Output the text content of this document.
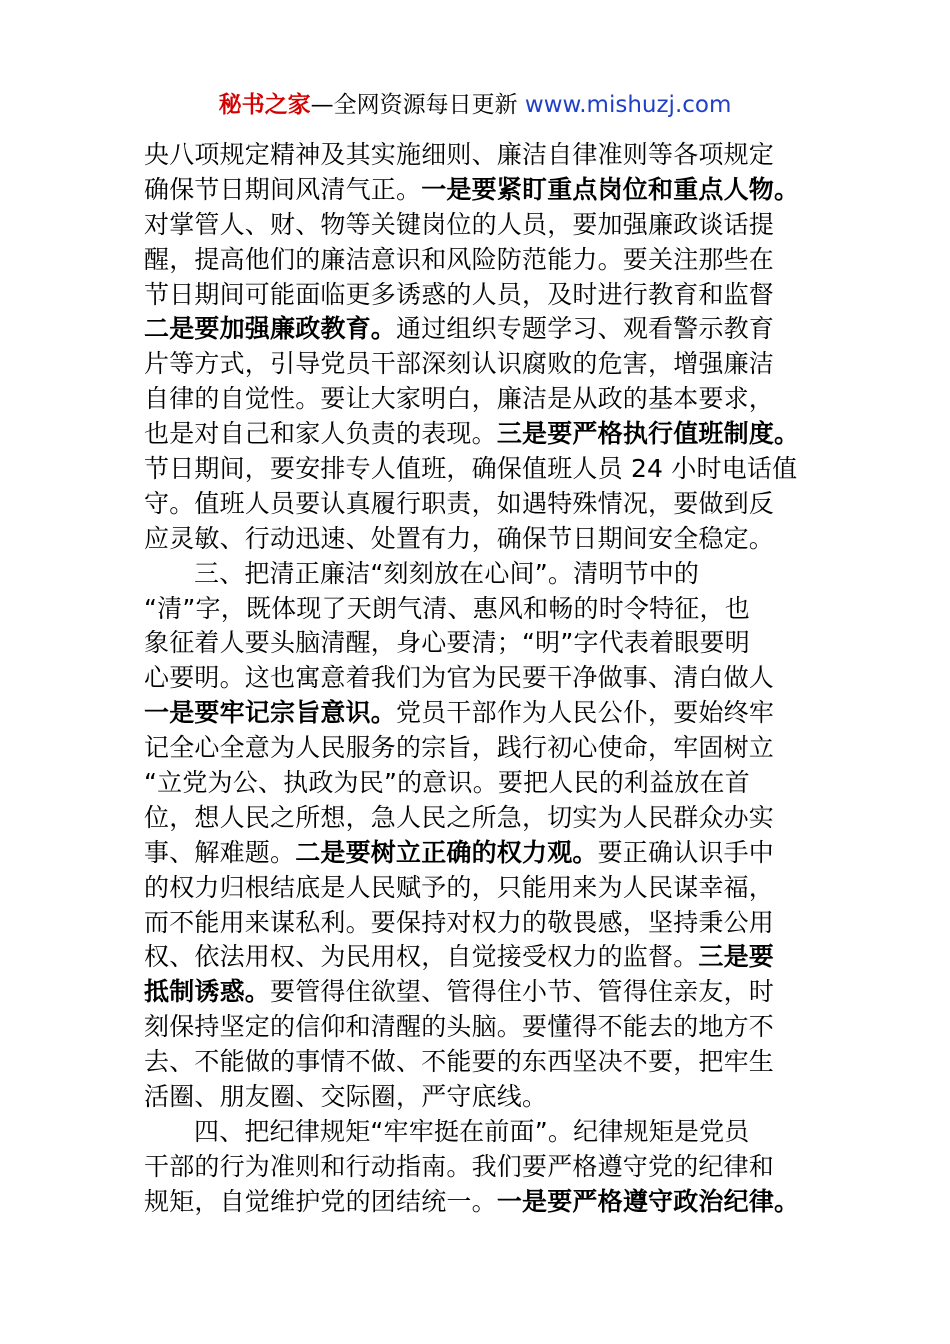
秘书之家—全网资源每日更新 www.mishuzj.com
央八项规定精神及其实施细则、廉洁自律准则等各项规定
确保节日期间风清气正。一是要紧盯重点岗位和重点人物。
对掌管人、财、物等关键岗位的人员，要加强廉政谈话提
醒，提高他们的廉洁意识和风险防范能力。要关注那些在
节日期间可能面临更多诱惑的人员，及时进行教育和监督
二是要加强廉政教育。通过组织专题学习、观看警示教育
片等方式，引导党员干部深刻认识腐败的危害，增强廉洁
自律的自觉性。要让大家明白，廉洁是从政的基本要求，
也是对自己和家人负责的表现。三是要严格执行值班制度。
节日期间，要安排专人值班，确保值班人员 24 小时电话值
守。值班人员要认真履行职责，如遇特殊情况，要做到反
应灵敏、行动迅速、处置有力，确保节日期间安全稳定。
三、把清正廉洁“刻刻放在心间”。清明节中的
“清”字，既体现了天朗气清、惠风和畅的时令特征，也
象征着人要头脑清醒，身心要清；“明”字代表着眼要明
心要明。这也寓意着我们为官为民要干净做事、清白做人
一是要牢记宗旨意识。党员干部作为人民公仆，要始终牢
记全心全意为人民服务的宗旨，践行初心使命，牢固树立
“立党为公、执政为民”的意识。要把人民的利益放在首
位，想人民之所想，急人民之所急，切实为人民群众办实
事、解难题。二是要树立正确的权力观。要正确认识手中
的权力归根结底是人民赋予的，只能用来为人民谋幸福，
而不能用来谋私利。要保持对权力的敬畏感，坚持秉公用
权、依法用权、为民用权，自觉接受权力的监督。三是要
抵制诱惑。要管得住欲望、管得住小节、管得住亲友，时
刻保持坚定的信仰和清醒的头脑。要懂得不能去的地方不
去、不能做的事情不做、不能要的东西坚决不要，把牢生
活圈、朋友圈、交际圈，严守底线。
四、把纪律规矩“牢牢挺在前面”。纪律规矩是党员
干部的行为准则和行动指南。我们要严格遵守党的纪律和
规矩，自觉维护党的团结统一。一是要严格遵守政治纪律。
